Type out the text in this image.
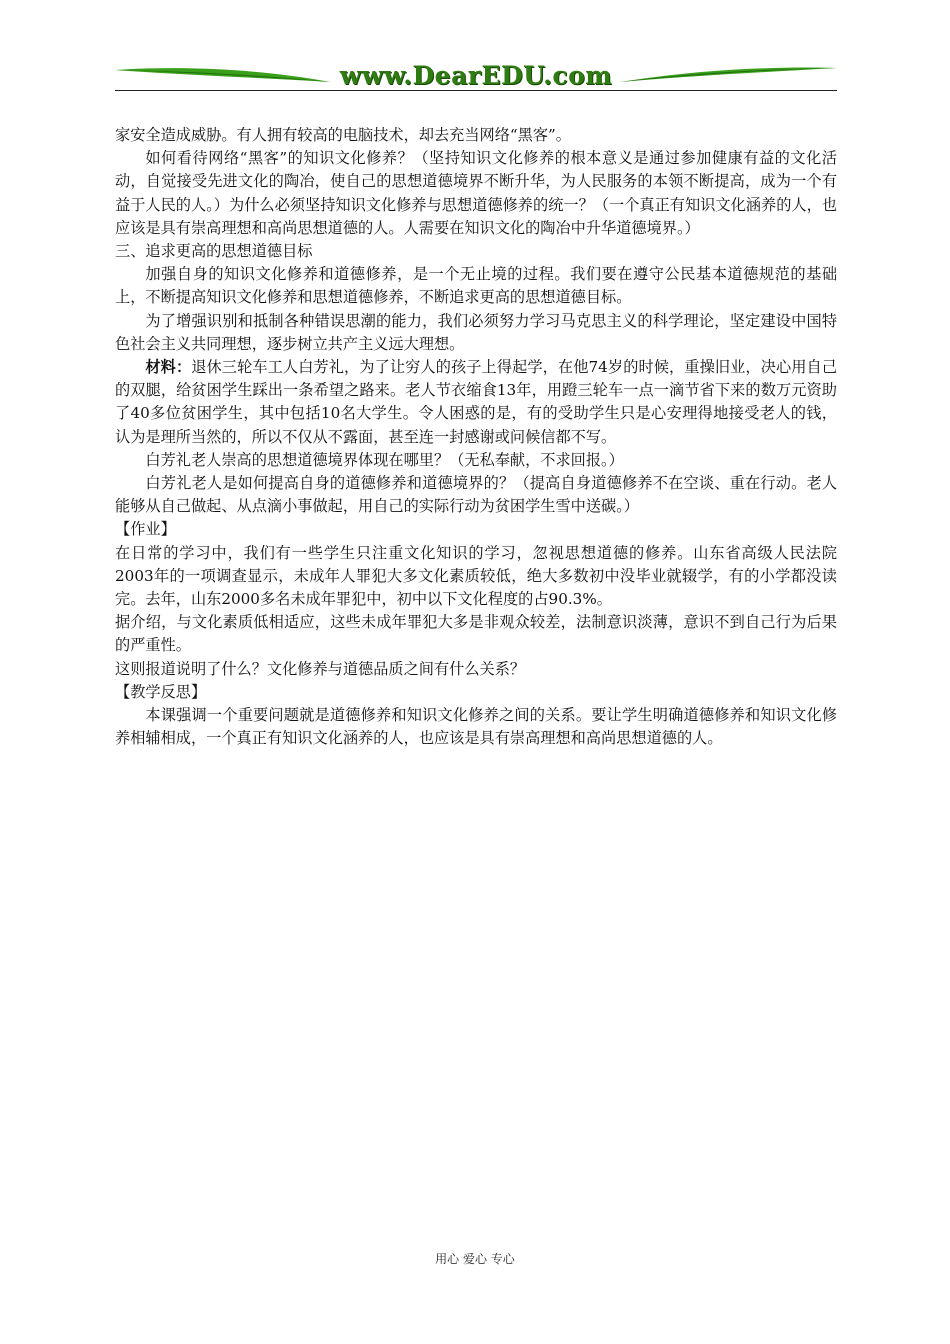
www.DearEDU.com

家安全造成威胁。有人拥有较高的电脑技术，却去充当网络“黑客”。

如何看待网络“黑客”的知识文化修养？（坚持知识文化修养的根本意义是通过参加健康有益的文化活动，自觉接受先进文化的陶冶，使自己的思想道德境界不断升华，为人民服务的本领不断提高，成为一个有益于人民的人。）为什么必须坚持知识文化修养与思想道德修养的统一？（一个真正有知识文化涵养的人，也应该是具有崇高理想和高尚思想道德的人。人需要在知识文化的陶冶中升华道德境界。）

三、追求更高的思想道德目标

加强自身的知识文化修养和道德修养，是一个无止境的过程。我们要在遵守公民基本道德规范的基础上，不断提高知识文化修养和思想道德修养，不断追求更高的思想道德目标。

为了增强识别和抵制各种错误思潮的能力，我们必须努力学习马克思主义的科学理论，坚定建设中国特色社会主义共同理想，逐步树立共产主义远大理想。

材料：退休三轮车工人白芳礼，为了让穷人的孩子上得起学，在他74岁的时候，重操旧业，决心用自己的双腿，给贫困学生踩出一条希望之路来。老人节衣缩食13年，用蹬三轮车一点一滴节省下来的数万元资助了40多位贫困学生，其中包括10名大学生。令人困惑的是，有的受助学生只是心安理得地接受老人的钱，认为是理所当然的，所以不仅从不露面，甚至连一封感谢或问候信都不写。

白芳礼老人崇高的思想道德境界体现在哪里？（无私奉献，不求回报。）

白芳礼老人是如何提高自身的道德修养和道德境界的？（提高自身道德修养不在空谈、重在行动。老人能够从自己做起、从点滴小事做起，用自己的实际行动为贫困学生雪中送碳。）

【作业】

在日常的学习中，我们有一些学生只注重文化知识的学习，忽视思想道德的修养。山东省高级人民法院2003年的一项调查显示，未成年人罪犯大多文化素质较低，绝大多数初中没毕业就辍学，有的小学都没读完。去年，山东2000多名未成年罪犯中，初中以下文化程度的占90.3%。

据介绍，与文化素质低相适应，这些未成年罪犯大多是非观众较差，法制意识淡薄，意识不到自己行为后果的严重性。

这则报道说明了什么？文化修养与道德品质之间有什么关系？

【教学反思】

本课强调一个重要问题就是道德修养和知识文化修养之间的关系。要让学生明确道德修养和知识文化修养相辅相成，一个真正有知识文化涵养的人，也应该是具有崇高理想和高尚思想道德的人。

用心 爱心 专心
